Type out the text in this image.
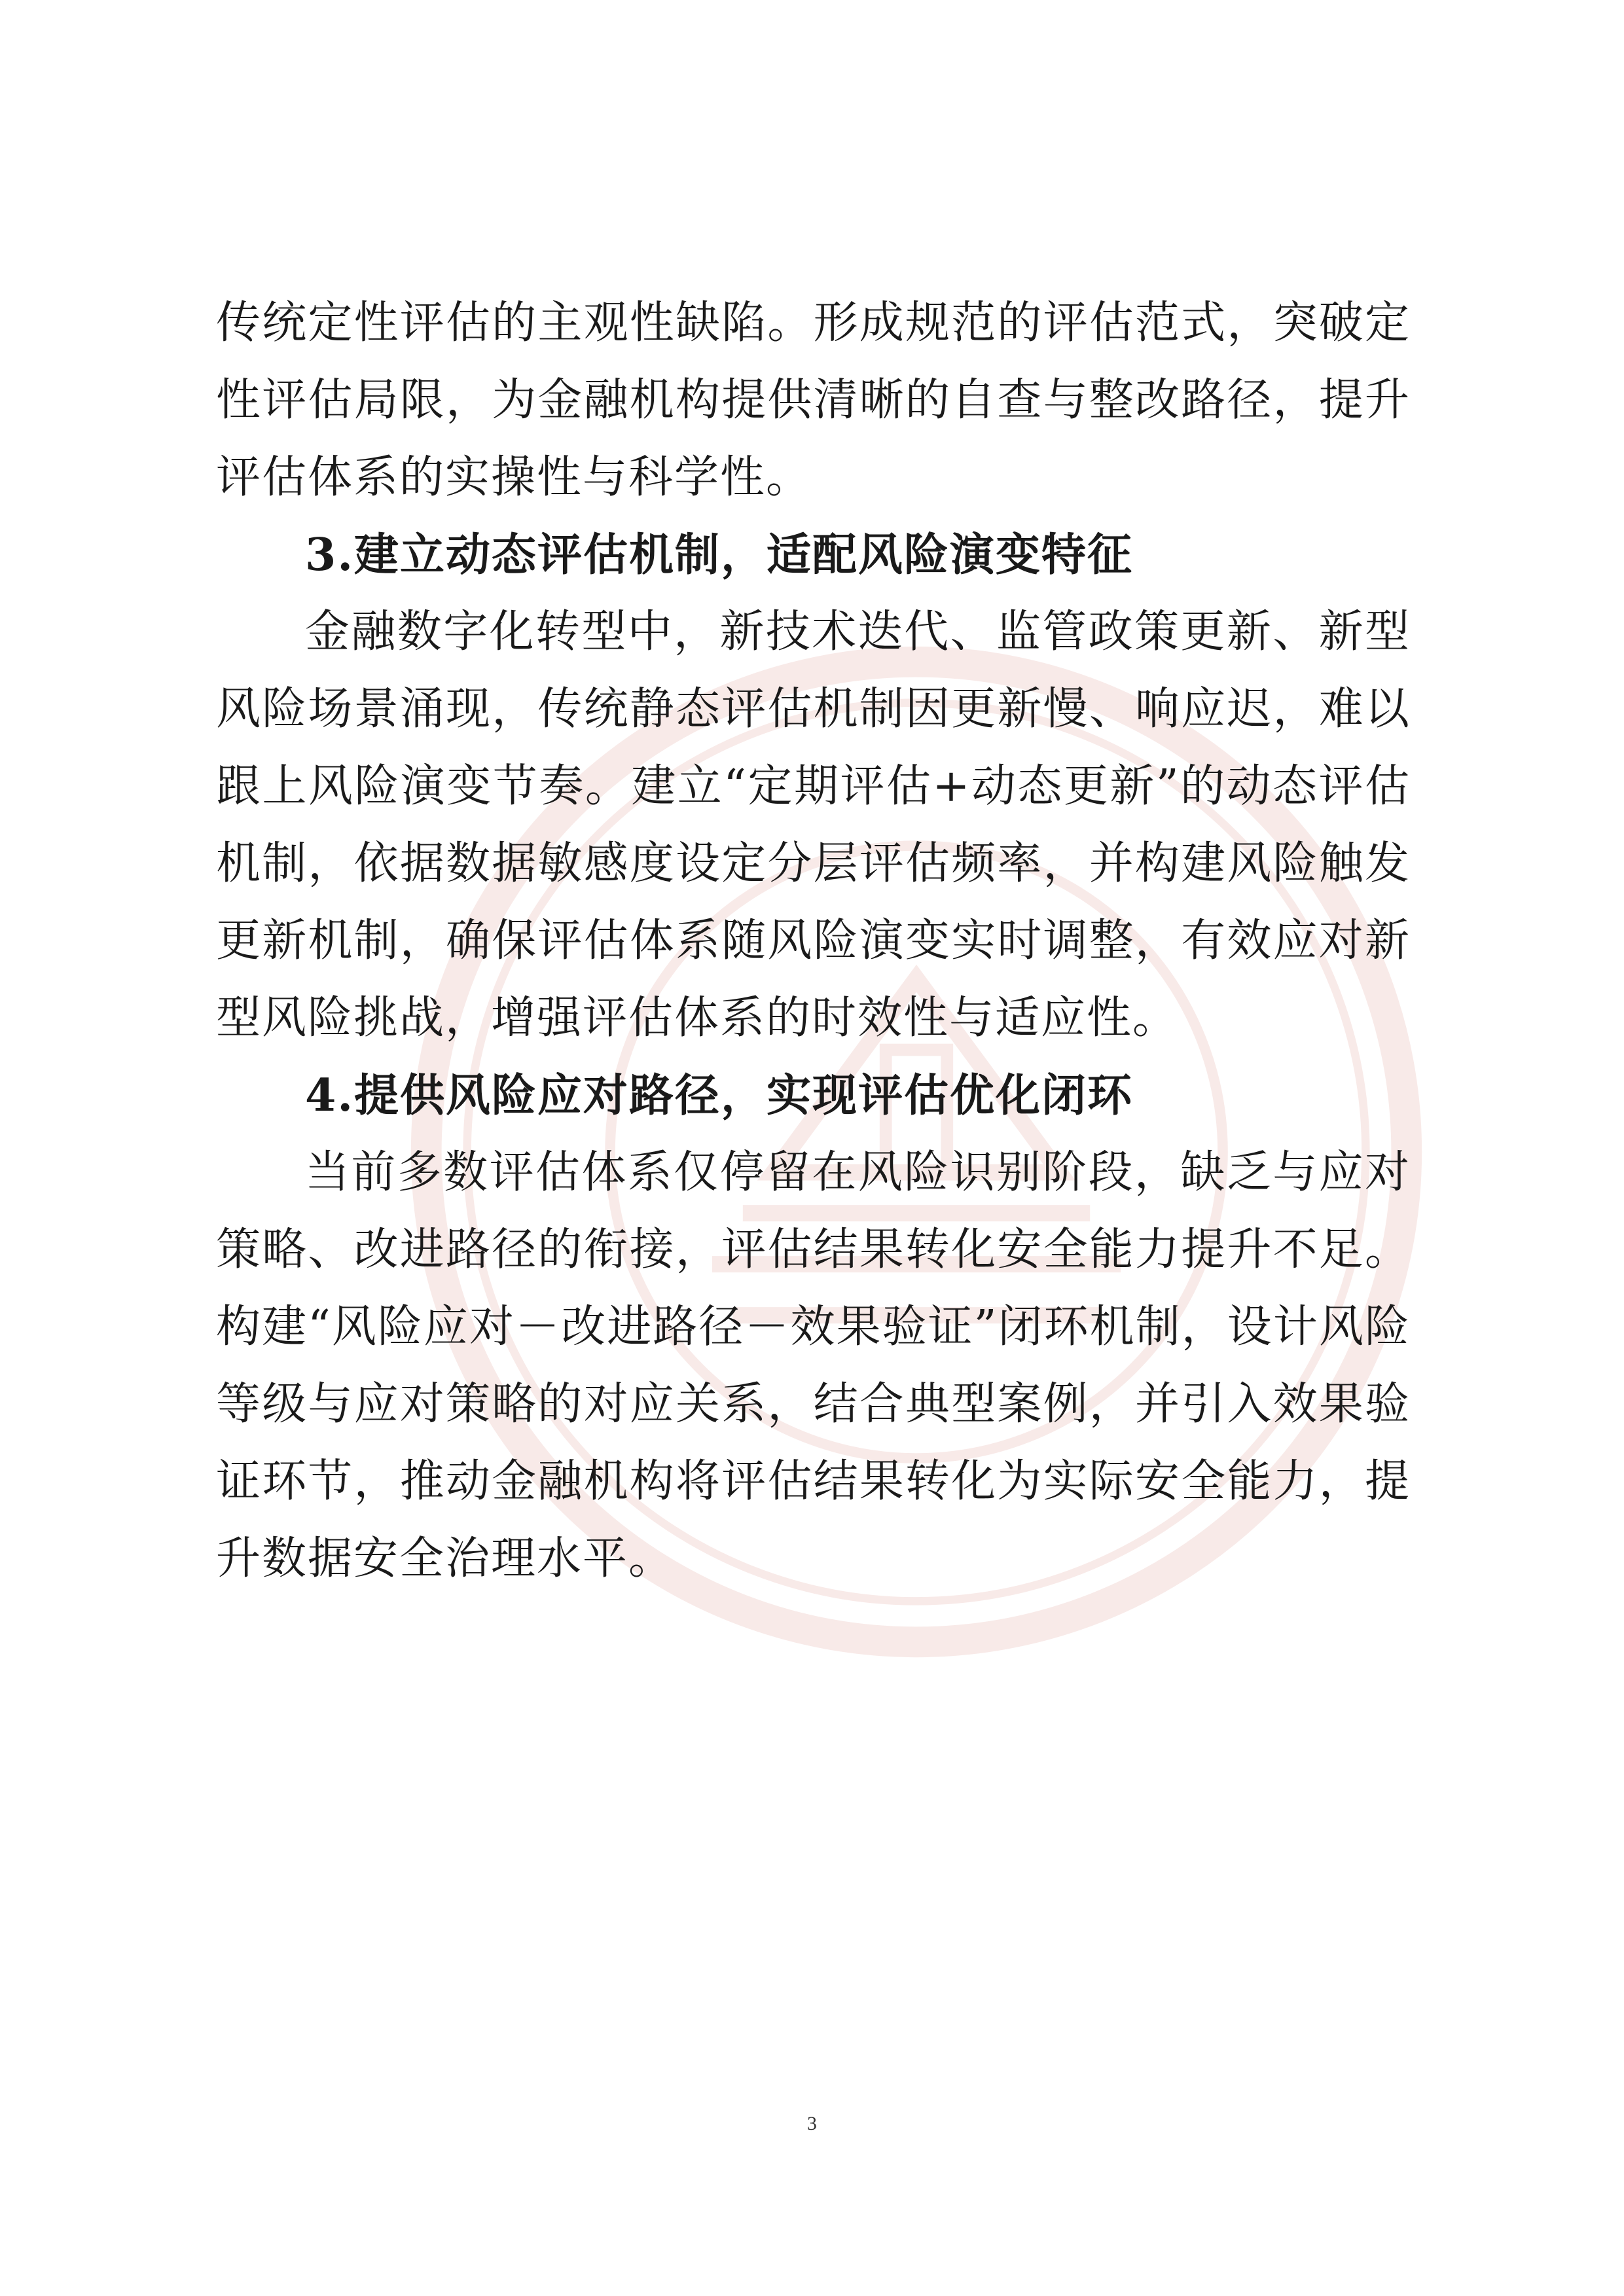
传统定性评估的主观性缺陷。形成规范的评估范式，突破定性评估局限，为金融机构提供清晰的自查与整改路径，提升评估体系的实操性与科学性。

3.建立动态评估机制，适配风险演变特征

金融数字化转型中，新技术迭代、监管政策更新、新型风险场景涌现，传统静态评估机制因更新慢、响应迟，难以跟上风险演变节奏。建立“定期评估+动态更新”的动态评估机制，依据数据敏感度设定分层评估频率，并构建风险触发更新机制，确保评估体系随风险演变实时调整，有效应对新型风险挑战，增强评估体系的时效性与适应性。

4.提供风险应对路径，实现评估优化闭环

当前多数评估体系仅停留在风险识别阶段，缺乏与应对策略、改进路径的衔接，评估结果转化安全能力提升不足。构建“风险应对－改进路径－效果验证”闭环机制，设计风险等级与应对策略的对应关系，结合典型案例，并引入效果验证环节，推动金融机构将评估结果转化为实际安全能力，提升数据安全治理水平。

3
